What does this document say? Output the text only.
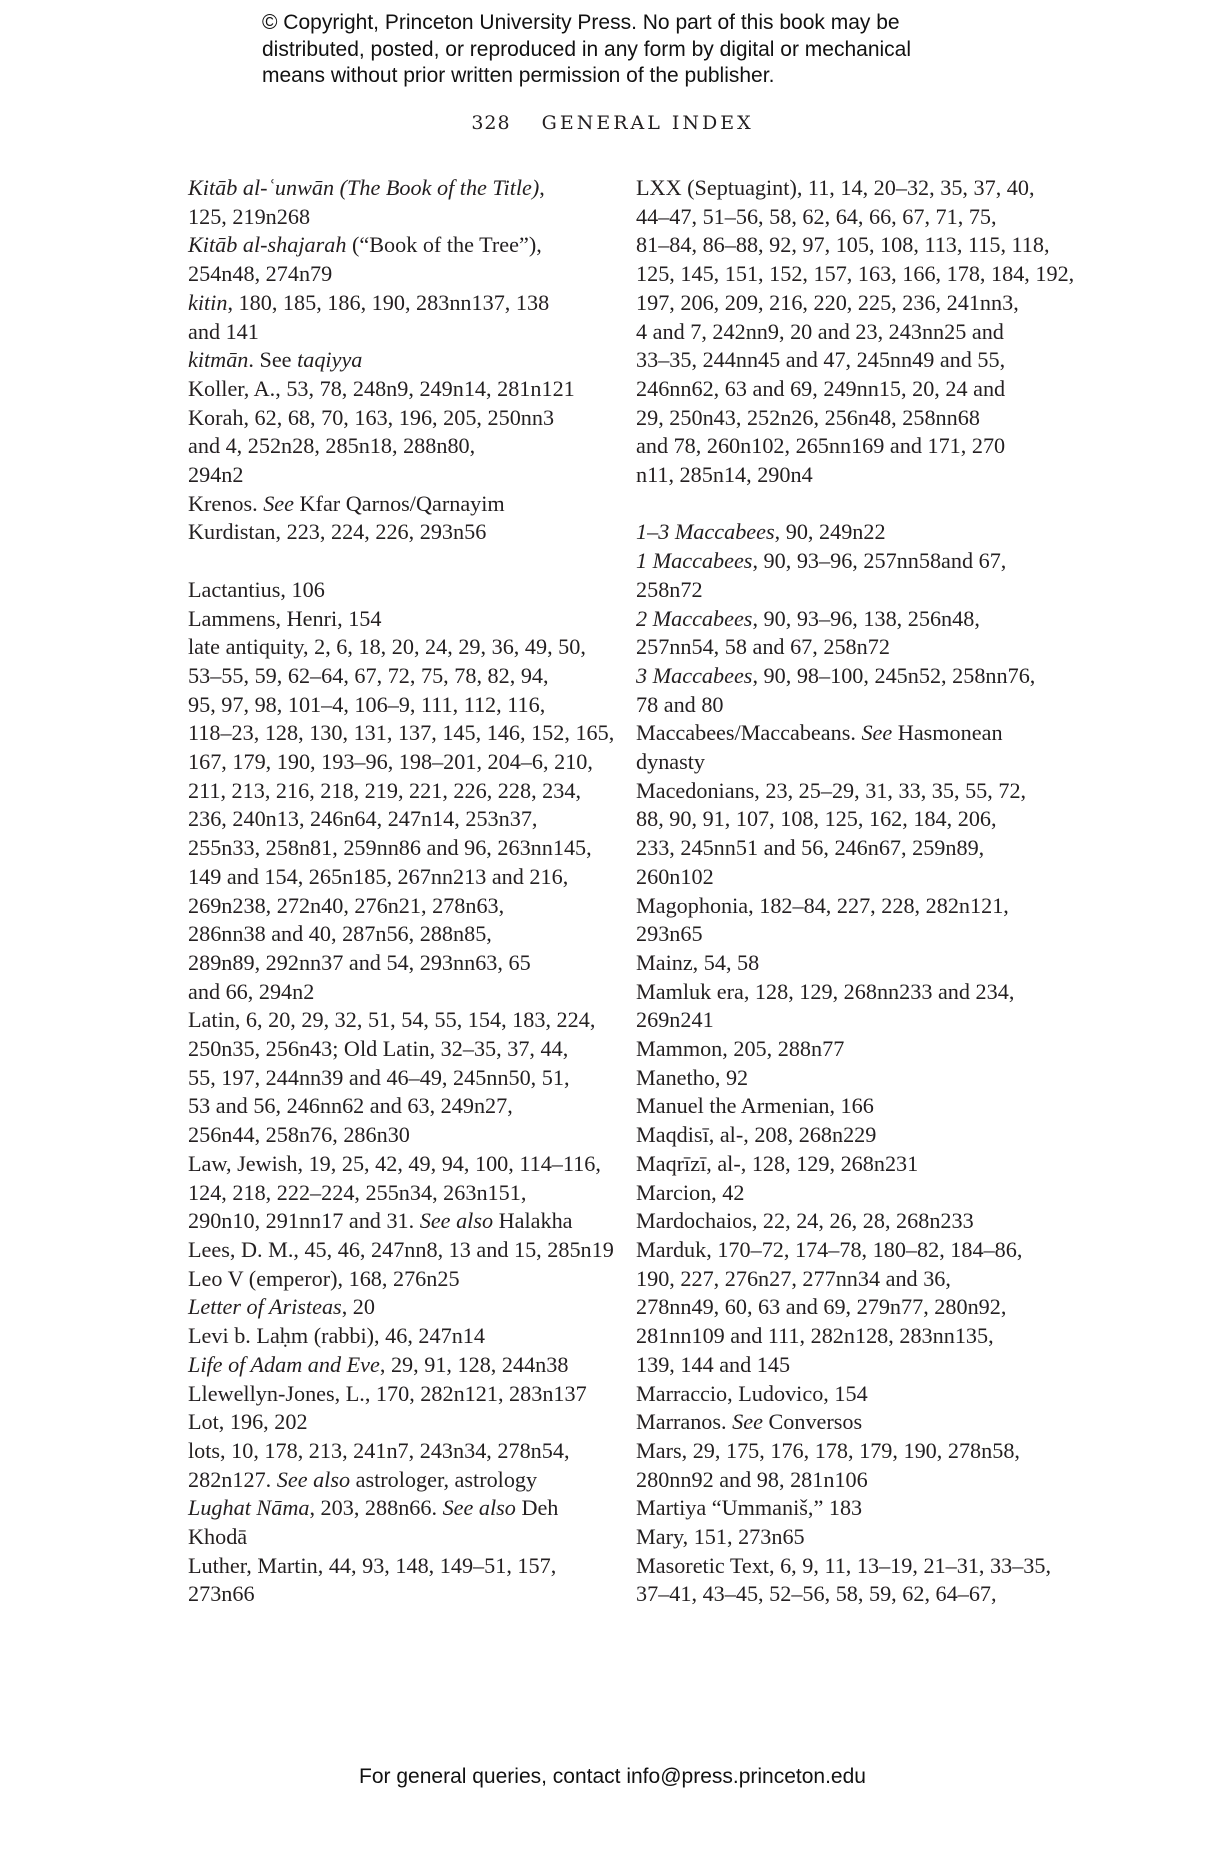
© Copyright, Princeton University Press. No part of this book may be
distributed, posted, or reproduced in any form by digital or mechanical
means without prior written permission of the publisher.
328 GENERAL INDEX

Kitāb al-ʿunwān (The Book of the Title),
125, 219n268

Kitāb al-shajarah (“Book of the Tree”),
254n48, 274n79

kitin, 180, 185, 186, 190, 283nn137, 138
and 141

kitmān. See taqiyya

Koller, A., 53, 78, 248n9, 249n14, 281n121

Korah, 62, 68, 70, 163, 196, 205, 250nn3
and 4, 252n28, 285n18, 288n80,
294n2

Krenos. See Kfar Qarnos/Qarnayim

Kurdistan, 223, 224, 226, 293n56

Lactantius, 106

Lammens, Henri, 154

late antiquity, 2, 6, 18, 20, 24, 29, 36, 49, 50,
53–55, 59, 62–64, 67, 72, 75, 78, 82, 94,
95, 97, 98, 101–4, 106–9, 111, 112, 116,
118–23, 128, 130, 131, 137, 145, 146, 152, 165,
167, 179, 190, 193–96, 198–201, 204–6, 210,
211, 213, 216, 218, 219, 221, 226, 228, 234,
236, 240n13, 246n64, 247n14, 253n37,
255n33, 258n81, 259nn86 and 96, 263nn145,
149 and 154, 265n185, 267nn213 and 216,
269n238, 272n40, 276n21, 278n63,
286nn38 and 40, 287n56, 288n85,
289n89, 292nn37 and 54, 293nn63, 65
and 66, 294n2

Latin, 6, 20, 29, 32, 51, 54, 55, 154, 183, 224,
250n35, 256n43; Old Latin, 32–35, 37, 44,
55, 197, 244nn39 and 46–49, 245nn50, 51,
53 and 56, 246nn62 and 63, 249n27,
256n44, 258n76, 286n30

Law, Jewish, 19, 25, 42, 49, 94, 100, 114–116,
124, 218, 222–224, 255n34, 263n151,
290n10, 291nn17 and 31. See also Halakha

Lees, D. M., 45, 46, 247nn8, 13 and 15, 285n19

Leo V (emperor), 168, 276n25

Letter of Aristeas, 20

Levi b. Laḥm (rabbi), 46, 247n14

Life of Adam and Eve, 29, 91, 128, 244n38

Llewellyn-Jones, L., 170, 282n121, 283n137

Lot, 196, 202

lots, 10, 178, 213, 241n7, 243n34, 278n54,
282n127. See also astrologer, astrology

Lughat Nāma, 203, 288n66. See also Deh
Khodā

Luther, Martin, 44, 93, 148, 149–51, 157,
273n66

LXX (Septuagint), 11, 14, 20–32, 35, 37, 40,
44–47, 51–56, 58, 62, 64, 66, 67, 71, 75,
81–84, 86–88, 92, 97, 105, 108, 113, 115, 118,
125, 145, 151, 152, 157, 163, 166, 178, 184, 192,
197, 206, 209, 216, 220, 225, 236, 241nn3,
4 and 7, 242nn9, 20 and 23, 243nn25 and
33–35, 244nn45 and 47, 245nn49 and 55,
246nn62, 63 and 69, 249nn15, 20, 24 and
29, 250n43, 252n26, 256n48, 258nn68
and 78, 260n102, 265nn169 and 171, 270
n11, 285n14, 290n4

1–3 Maccabees, 90, 249n22

1 Maccabees, 90, 93–96, 257nn58and 67,
258n72

2 Maccabees, 90, 93–96, 138, 256n48,
257nn54, 58 and 67, 258n72

3 Maccabees, 90, 98–100, 245n52, 258nn76,
78 and 80

Maccabees/Maccabeans. See Hasmonean
dynasty

Macedonians, 23, 25–29, 31, 33, 35, 55, 72,
88, 90, 91, 107, 108, 125, 162, 184, 206,
233, 245nn51 and 56, 246n67, 259n89,
260n102

Magophonia, 182–84, 227, 228, 282n121,
293n65

Mainz, 54, 58

Mamluk era, 128, 129, 268nn233 and 234,
269n241

Mammon, 205, 288n77

Manetho, 92

Manuel the Armenian, 166

Maqdisī, al-, 208, 268n229

Maqrīzī, al-, 128, 129, 268n231

Marcion, 42

Mardochaios, 22, 24, 26, 28, 268n233

Marduk, 170–72, 174–78, 180–82, 184–86,
190, 227, 276n27, 277nn34 and 36,
278nn49, 60, 63 and 69, 279n77, 280n92,
281nn109 and 111, 282n128, 283nn135,
139, 144 and 145

Marraccio, Ludovico, 154

Marranos. See Conversos

Mars, 29, 175, 176, 178, 179, 190, 278n58,
280nn92 and 98, 281n106

Martiya “Ummaniš,” 183

Mary, 151, 273n65

Masoretic Text, 6, 9, 11, 13–19, 21–31, 33–35,
37–41, 43–45, 52–56, 58, 59, 62, 64–67,

For general queries, contact info@press.princeton.edu
